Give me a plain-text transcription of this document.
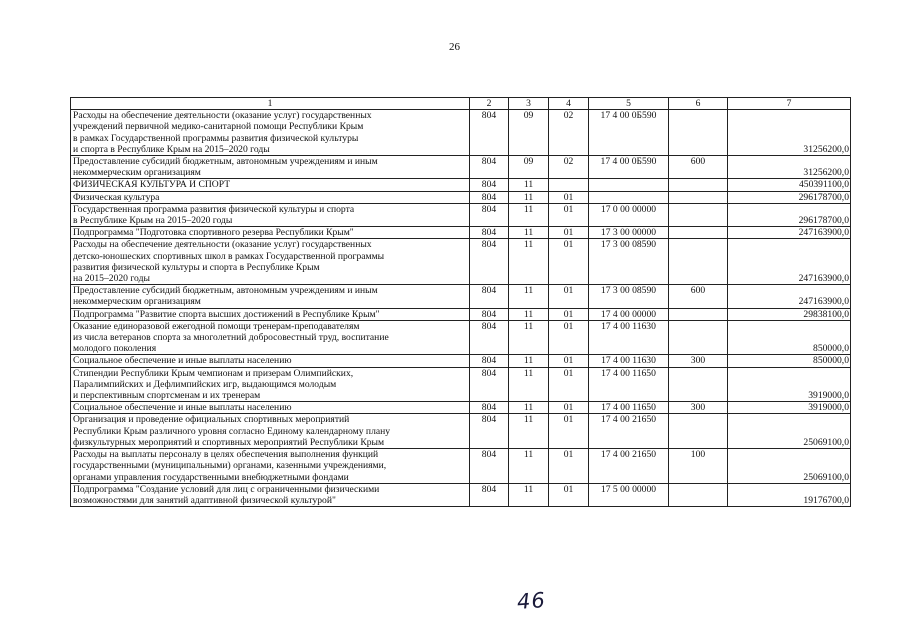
26
1	2	3	4	5	6	7
Расходы на обеспечение деятельности (оказание услуг) государственных
учреждений первичной медико-санитарной помощи Республики Крым
в рамках Государственной программы развития физической культуры
и спорта в Республике Крым на 2015–2020 годы	804	09	02	17 4 00 0Б590		31256200,0
Предоставление субсидий бюджетным, автономным учреждениям и иным
некоммерческим организациям	804	09	02	17 4 00 0Б590	600	31256200,0
ФИЗИЧЕСКАЯ КУЛЬТУРА И СПОРТ	804	11				450391100,0
Физическая культура	804	11	01			296178700,0
Государственная программа развития физической культуры и спорта
в Республике Крым на 2015–2020 годы	804	11	01	17 0 00 00000		296178700,0
Подпрограмма "Подготовка спортивного резерва Республики Крым"	804	11	01	17 3 00 00000		247163900,0
Расходы на обеспечение деятельности (оказание услуг) государственных
детско-юношеских спортивных школ в рамках Государственной программы
развития физической культуры и спорта в Республике Крым
на 2015–2020 годы	804	11	01	17 3 00 08590		247163900,0
Предоставление субсидий бюджетным, автономным учреждениям и иным
некоммерческим организациям	804	11	01	17 3 00 08590	600	247163900,0
Подпрограмма "Развитие спорта высших достижений в Республике Крым"	804	11	01	17 4 00 00000		29838100,0
Оказание единоразовой ежегодной помощи тренерам-преподавателям
из числа ветеранов спорта за многолетний добросовестный труд, воспитание
молодого поколения	804	11	01	17 4 00 11630		850000,0
Социальное обеспечение и иные выплаты населению	804	11	01	17 4 00 11630	300	850000,0
Стипендии Республики Крым чемпионам и призерам Олимпийских,
Паралимпийских и Дефлимпийских игр, выдающимся молодым
и перспективным спортсменам и их тренерам	804	11	01	17 4 00 11650		3919000,0
Социальное обеспечение и иные выплаты населению	804	11	01	17 4 00 11650	300	3919000,0
Организация и проведение официальных спортивных мероприятий
Республики Крым различного уровня согласно Единому календарному плану
физкультурных мероприятий и спортивных мероприятий Республики Крым	804	11	01	17 4 00 21650		25069100,0
Расходы на выплаты персоналу в целях обеспечения выполнения функций
государственными (муниципальными) органами, казенными учреждениями,
органами управления государственными внебюджетными фондами	804	11	01	17 4 00 21650	100	25069100,0
Подпрограмма "Создание условий для лиц с ограниченными физическими
возможностями для занятий адаптивной физической культурой"	804	11	01	17 5 00 00000		19176700,0
46
